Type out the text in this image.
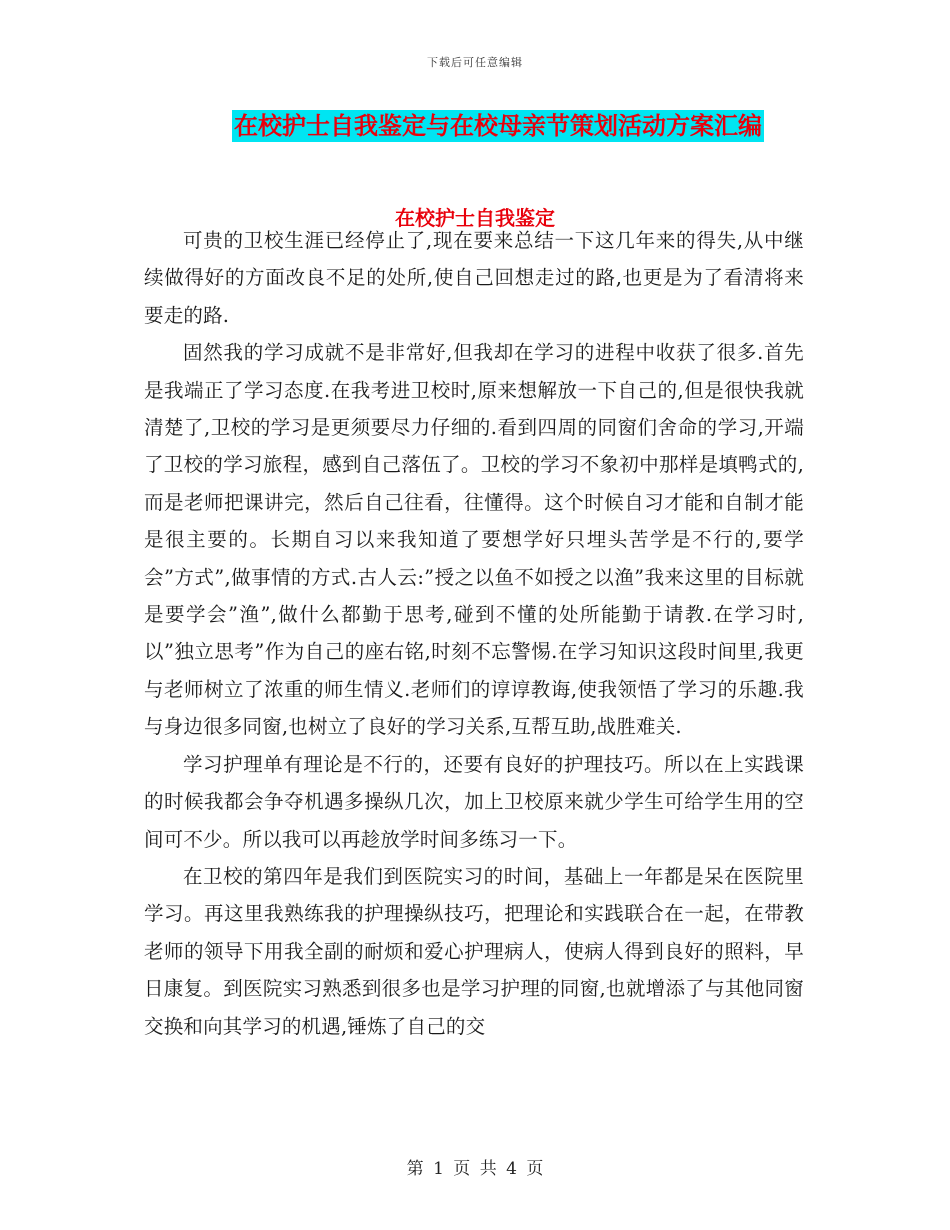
下载后可任意编辑
在校护士自我鉴定与在校母亲节策划活动方案汇编
在校护士自我鉴定

可贵的卫校生涯已经停止了,现在要来总结一下这几年来的得失,从中继续做得好的方面改良不足的处所,使自己回想走过的路,也更是为了看清将来要走的路.

固然我的学习成就不是非常好,但我却在学习的进程中收获了很多.首先是我端正了学习态度.在我考进卫校时,原来想解放一下自己的,但是很快我就清楚了,卫校的学习是更须要尽力仔细的.看到四周的同窗们舍命的学习,开端了卫校的学习旅程，感到自己落伍了。卫校的学习不象初中那样是填鸭式的,而是老师把课讲完，然后自己往看，往懂得。这个时候自习才能和自制才能是很主要的。长期自习以来我知道了要想学好只埋头苦学是不行的,要学会”方式”,做事情的方式.古人云:”授之以鱼不如授之以渔”我来这里的目标就是要学会”渔”,做什么都勤于思考,碰到不懂的处所能勤于请教.在学习时,以”独立思考”作为自己的座右铭,时刻不忘警惕.在学习知识这段时间里,我更与老师树立了浓重的师生情义.老师们的谆谆教诲,使我领悟了学习的乐趣.我与身边很多同窗,也树立了良好的学习关系,互帮互助,战胜难关.

学习护理单有理论是不行的，还要有良好的护理技巧。所以在上实践课的时候我都会争夺机遇多操纵几次，加上卫校原来就少学生可给学生用的空间可不少。所以我可以再趁放学时间多练习一下。

在卫校的第四年是我们到医院实习的时间，基础上一年都是呆在医院里学习。再这里我熟练我的护理操纵技巧，把理论和实践联合在一起，在带教老师的领导下用我全副的耐烦和爱心护理病人，使病人得到良好的照料，早日康复。到医院实习熟悉到很多也是学习护理的同窗,也就增添了与其他同窗交换和向其学习的机遇,锤炼了自己的交

第 1 页 共 4 页
